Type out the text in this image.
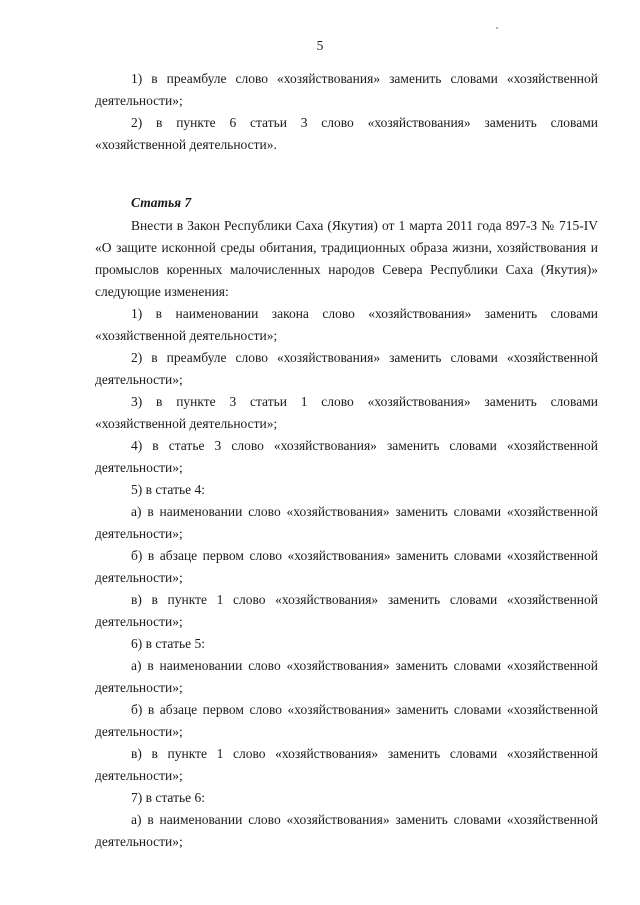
5

1) в преамбуле слово «хозяйствования» заменить словами «хозяйственной деятельности»;

2) в пункте 6 статьи 3 слово «хозяйствования» заменить словами «хозяйственной деятельности».

Статья 7

Внести в Закон Республики Саха (Якутия) от 1 марта 2011 года 897-З № 715-IV «О защите исконной среды обитания, традиционных образа жизни, хозяйствования и промыслов коренных малочисленных народов Севера Республики Саха (Якутия)» следующие изменения:

1) в наименовании закона слово «хозяйствования» заменить словами «хозяйственной деятельности»;

2) в преамбуле слово «хозяйствования» заменить словами «хозяйственной деятельности»;

3) в пункте 3 статьи 1 слово «хозяйствования» заменить словами «хозяйственной деятельности»;

4) в статье 3 слово «хозяйствования» заменить словами «хозяйственной деятельности»;

5) в статье 4:

а) в наименовании слово «хозяйствования» заменить словами «хозяйственной деятельности»;

б) в абзаце первом слово «хозяйствования» заменить словами «хозяйственной деятельности»;

в) в пункте 1 слово «хозяйствования» заменить словами «хозяйственной деятельности»;

6) в статье 5:

а) в наименовании слово «хозяйствования» заменить словами «хозяйственной деятельности»;

б) в абзаце первом слово «хозяйствования» заменить словами «хозяйственной деятельности»;

в) в пункте 1 слово «хозяйствования» заменить словами «хозяйственной деятельности»;

7) в статье 6:

а) в наименовании слово «хозяйствования» заменить словами «хозяйственной деятельности»;
